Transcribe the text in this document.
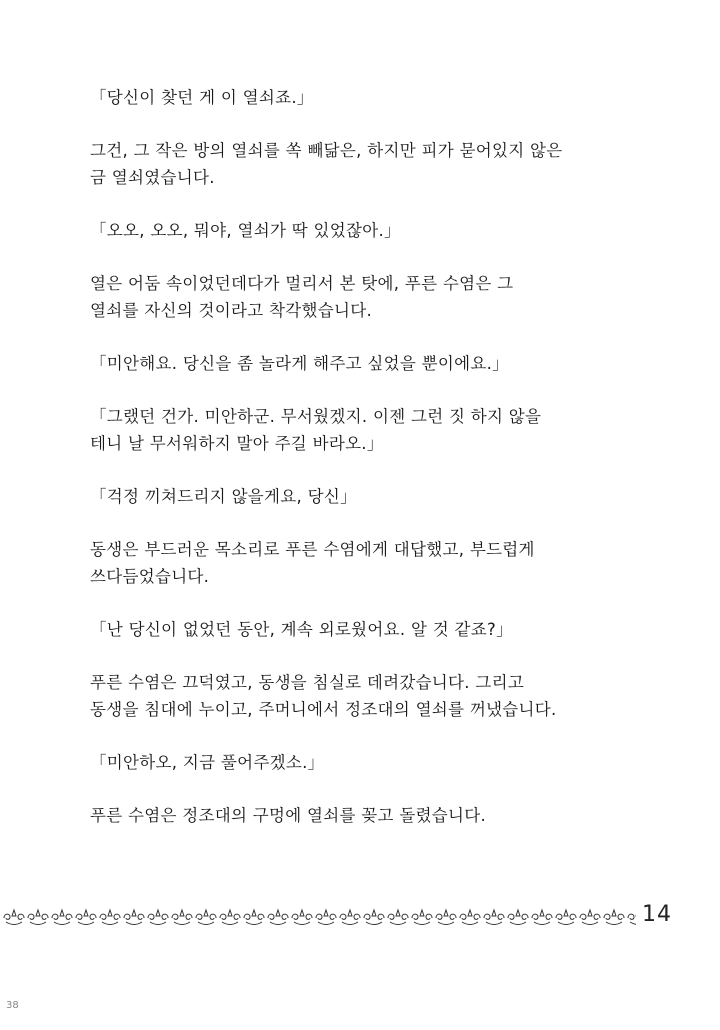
「당신이 찾던 게 이 열쇠죠.」

그건, 그 작은 방의 열쇠를 쏙 빼닮은, 하지만 피가 묻어있지 않은
금 열쇠였습니다.

「오오, 오오, 뭐야, 열쇠가 딱 있었잖아.」

열은 어둠 속이었던데다가 멀리서 본 탓에, 푸른 수염은 그
열쇠를 자신의 것이라고 착각했습니다.

「미안해요. 당신을 좀 놀라게 해주고 싶었을 뿐이에요.」

「그랬던 건가. 미안하군. 무서웠겠지. 이젠 그런 짓 하지 않을
테니 날 무서워하지 말아 주길 바라오.」

「걱정 끼쳐드리지 않을게요, 당신」

동생은 부드러운 목소리로 푸른 수염에게 대답했고, 부드럽게
쓰다듬었습니다.

「난 당신이 없었던 동안, 계속 외로웠어요. 알 것 같죠?」

푸른 수염은 끄덕였고, 동생을 침실로 데려갔습니다. 그리고
동생을 침대에 누이고, 주머니에서 정조대의 열쇠를 꺼냈습니다.

「미안하오, 지금 풀어주겠소.」

푸른 수염은 정조대의 구멍에 열쇠를 꽂고 돌렸습니다.

14
38
